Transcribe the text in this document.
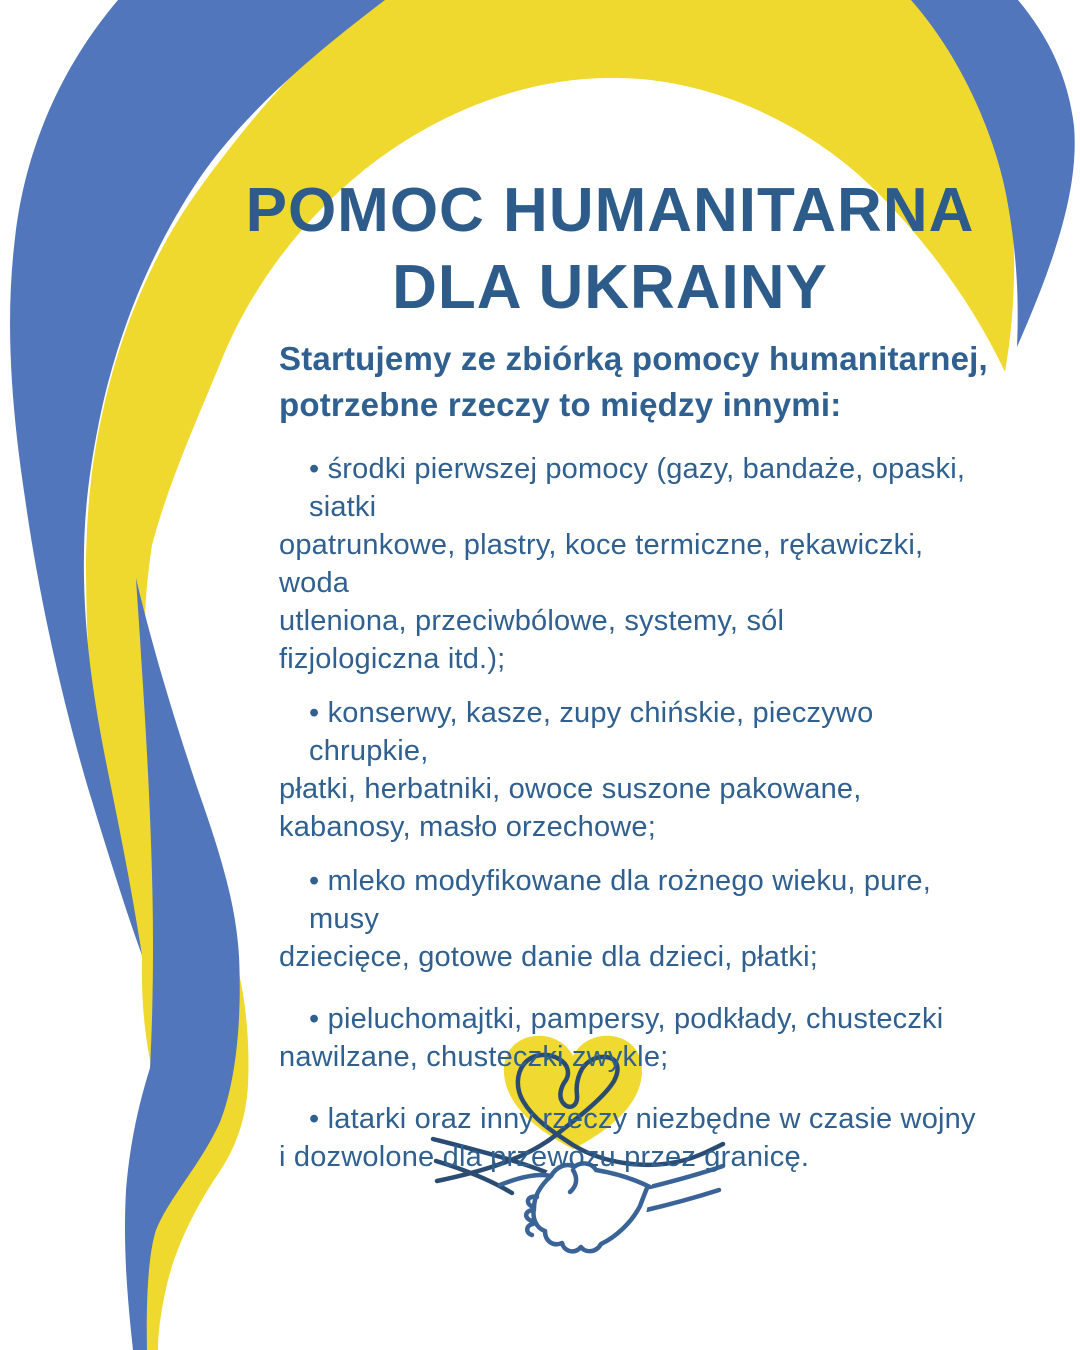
POMOC HUMANITARNA
DLA UKRAINY
Startujemy ze zbiórką pomocy humanitarnej,
potrzebne rzeczy to między innymi:
• środki pierwszej pomocy (gazy, bandaże, opaski, siatki
opatrunkowe, plastry, koce termiczne, rękawiczki, woda
utleniona, przeciwbólowe, systemy, sól
fizjologiczna itd.);
• konserwy, kasze, zupy chińskie, pieczywo chrupkie,
płatki, herbatniki, owoce suszone pakowane,
kabanosy, masło orzechowe;
• mleko modyfikowane dla rożnego wieku, pure, musy
dziecięce, gotowe danie dla dzieci, płatki;
• pieluchomajtki, pampersy, podkłady, chusteczki
nawilzane, chusteczki zwykle;
• latarki oraz inny rzeczy niezbędne w czasie wojny
i dozwolone dla przewozu przez granicę.
